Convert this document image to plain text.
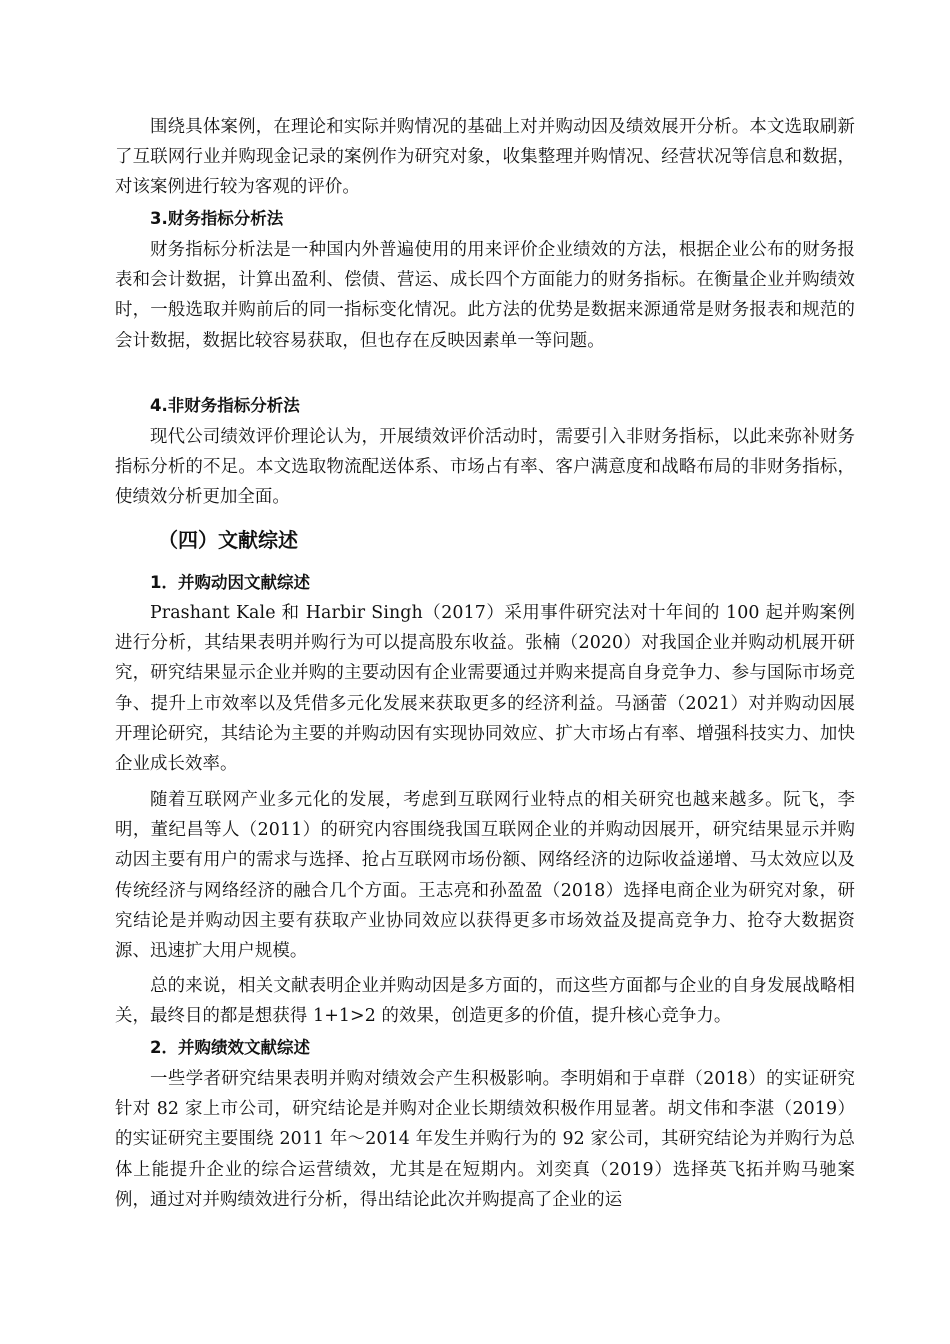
围绕具体案例，在理论和实际并购情况的基础上对并购动因及绩效展开分析。本文选取刷新了互联网行业并购现金记录的案例作为研究对象，收集整理并购情况、经营状况等信息和数据，对该案例进行较为客观的评价。

3.财务指标分析法

财务指标分析法是一种国内外普遍使用的用来评价企业绩效的方法，根据企业公布的财务报表和会计数据，计算出盈利、偿债、营运、成长四个方面能力的财务指标。在衡量企业并购绩效时，一般选取并购前后的同一指标变化情况。此方法的优势是数据来源通常是财务报表和规范的会计数据，数据比较容易获取，但也存在反映因素单一等问题。

4.非财务指标分析法

现代公司绩效评价理论认为，开展绩效评价活动时，需要引入非财务指标，以此来弥补财务指标分析的不足。本文选取物流配送体系、市场占有率、客户满意度和战略布局的非财务指标，使绩效分析更加全面。

（四）文献综述

1．并购动因文献综述

Prashant Kale 和 Harbir Singh（2017）采用事件研究法对十年间的 100 起并购案例进行分析，其结果表明并购行为可以提高股东收益。张楠（2020）对我国企业并购动机展开研究，研究结果显示企业并购的主要动因有企业需要通过并购来提高自身竞争力、参与国际市场竞争、提升上市效率以及凭借多元化发展来获取更多的经济利益。马涵蕾（2021）对并购动因展开理论研究，其结论为主要的并购动因有实现协同效应、扩大市场占有率、增强科技实力、加快企业成长效率。

随着互联网产业多元化的发展，考虑到互联网行业特点的相关研究也越来越多。阮飞，李明，董纪昌等人（2011）的研究内容围绕我国互联网企业的并购动因展开，研究结果显示并购动因主要有用户的需求与选择、抢占互联网市场份额、网络经济的边际收益递增、马太效应以及传统经济与网络经济的融合几个方面。王志亮和孙盈盈（2018）选择电商企业为研究对象，研究结论是并购动因主要有获取产业协同效应以获得更多市场效益及提高竞争力、抢夺大数据资源、迅速扩大用户规模。

总的来说，相关文献表明企业并购动因是多方面的，而这些方面都与企业的自身发展战略相关，最终目的都是想获得 1+1>2 的效果，创造更多的价值，提升核心竞争力。

2．并购绩效文献综述

一些学者研究结果表明并购对绩效会产生积极影响。李明娟和于卓群（2018）的实证研究针对 82 家上市公司，研究结论是并购对企业长期绩效积极作用显著。胡文伟和李湛（2019）的实证研究主要围绕 2011 年～2014 年发生并购行为的 92 家公司，其研究结论为并购行为总体上能提升企业的综合运营绩效，尤其是在短期内。刘奕真（2019）选择英飞拓并购马驰案例，通过对并购绩效进行分析，得出结论此次并购提高了企业的运
